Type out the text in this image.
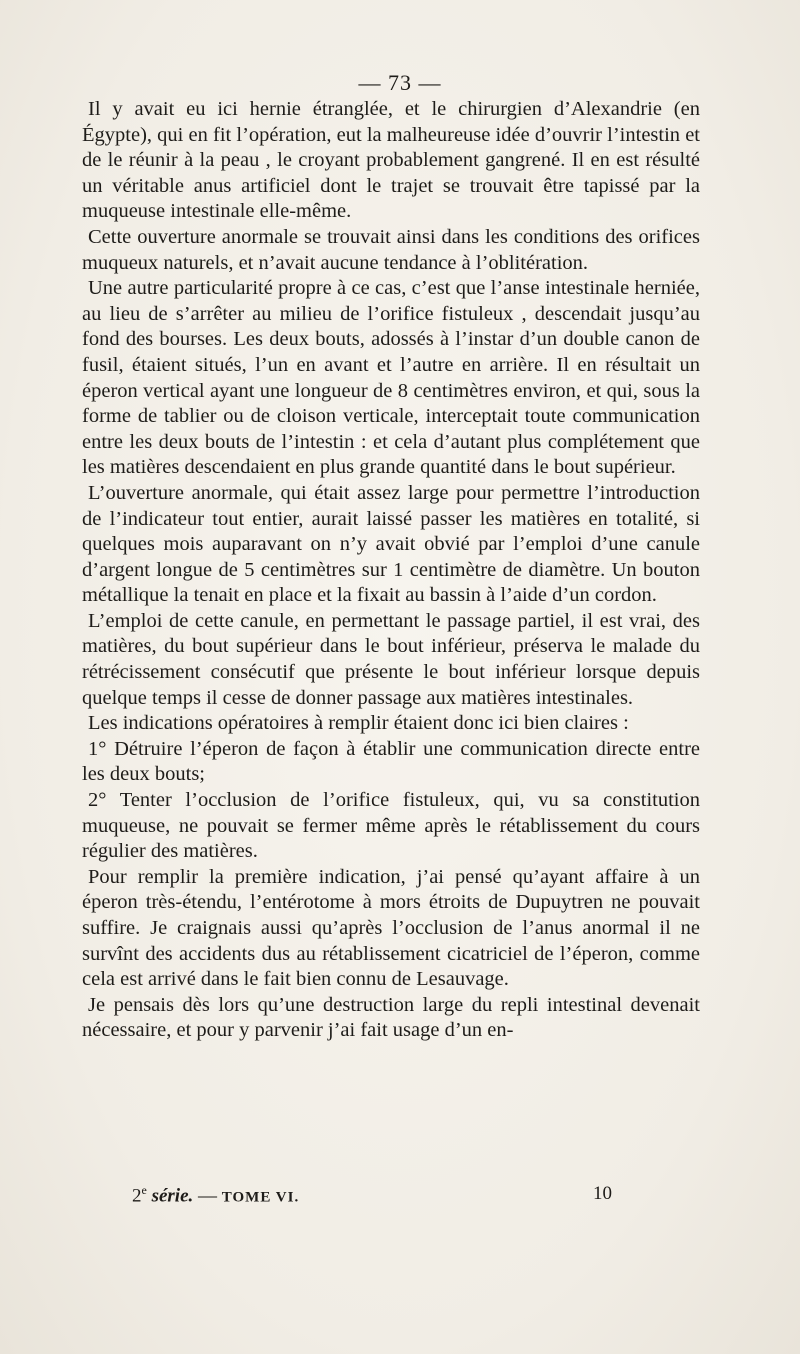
— 73 —

Il y avait eu ici hernie étranglée, et le chirurgien d’Alexandrie (en Égypte), qui en fit l’opération, eut la malheureuse idée d’ouvrir l’intestin et de le réunir à la peau , le croyant probablement gangrené. Il en est résulté un véritable anus artificiel dont le trajet se trouvait être tapissé par la muqueuse intestinale elle-même.

Cette ouverture anormale se trouvait ainsi dans les conditions des orifices muqueux naturels, et n’avait aucune tendance à l’oblitération.

Une autre particularité propre à ce cas, c’est que l’anse intestinale herniée, au lieu de s’arrêter au milieu de l’orifice fistuleux , descendait jusqu’au fond des bourses. Les deux bouts, adossés à l’instar d’un double canon de fusil, étaient situés, l’un en avant et l’autre en arrière. Il en résultait un éperon vertical ayant une longueur de 8 centimètres environ, et qui, sous la forme de tablier ou de cloison verticale, interceptait toute communication entre les deux bouts de l’intestin : et cela d’autant plus complétement que les matières descendaient en plus grande quantité dans le bout supérieur.

L’ouverture anormale, qui était assez large pour permettre l’introduction de l’indicateur tout entier, aurait laissé passer les matières en totalité, si quelques mois auparavant on n’y avait obvié par l’emploi d’une canule d’argent longue de 5 centimètres sur 1 centimètre de diamètre. Un bouton métallique la tenait en place et la fixait au bassin à l’aide d’un cordon.

L’emploi de cette canule, en permettant le passage partiel, il est vrai, des matières, du bout supérieur dans le bout inférieur, préserva le malade du rétrécissement consécutif que présente le bout inférieur lorsque depuis quelque temps il cesse de donner passage aux matières intestinales.

Les indications opératoires à remplir étaient donc ici bien claires :

1° Détruire l’éperon de façon à établir une communication directe entre les deux bouts;

2° Tenter l’occlusion de l’orifice fistuleux, qui, vu sa constitution muqueuse, ne pouvait se fermer même après le rétablissement du cours régulier des matières.

Pour remplir la première indication, j’ai pensé qu’ayant affaire à un éperon très-étendu, l’entérotome à mors étroits de Dupuytren ne pouvait suffire. Je craignais aussi qu’après l’occlusion de l’anus anormal il ne survînt des accidents dus au rétablissement cicatriciel de l’éperon, comme cela est arrivé dans le fait bien connu de Lesauvage.

Je pensais dès lors qu’une destruction large du repli intestinal devenait nécessaire, et pour y parvenir j’ai fait usage d’un en-

2e série. — TOME VI.	10
